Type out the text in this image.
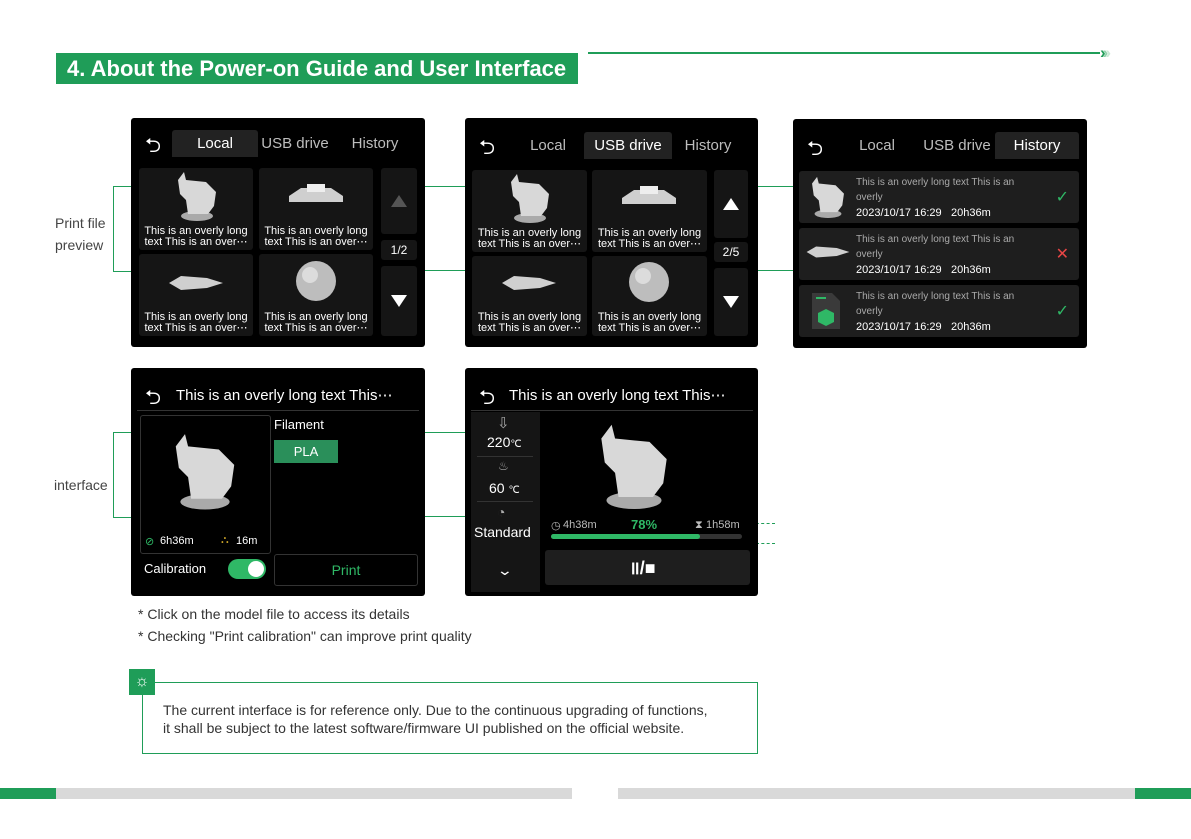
4. About the Power-on Guide and User Interface
›››
Print file
preview
interface
⮌	Local	USB drive	History
This is an overly long
text This is an over⋯
This is an overly long
text This is an over⋯
This is an overly long
text This is an over⋯
This is an overly long
text This is an over⋯
1/2
⮌	Local	USB drive	History
This is an overly long
text This is an over⋯
This is an overly long
text This is an over⋯
This is an overly long
text This is an over⋯
This is an overly long
text This is an over⋯
2/5
⮌	Local	USB drive	History
This is an overly long text This is an overly
2023/10/17 16:29 20h36m
✓
This is an overly long text This is an overly
2023/10/17 16:29 20h36m
✕
This is an overly long text This is an overly
2023/10/17 16:29 20h36m
✓
⮌ This is an overly long text This⋯
⊘ 6h36m ⛬ 16m
Filament
PLA
Calibration	Print
⮌ This is an overly long text This⋯
⇩
220℃
♨
60 ℃
◔
Standard
⌄
◷ 4h38m	78%	⧗ 1h58m
॥/■
* Click on the model file to access its details
* Checking "Print calibration" can improve print quality
The current interface is for reference only. Due to the continuous upgrading of functions,
it shall be subject to the latest software/firmware UI published on the official website.
☼
